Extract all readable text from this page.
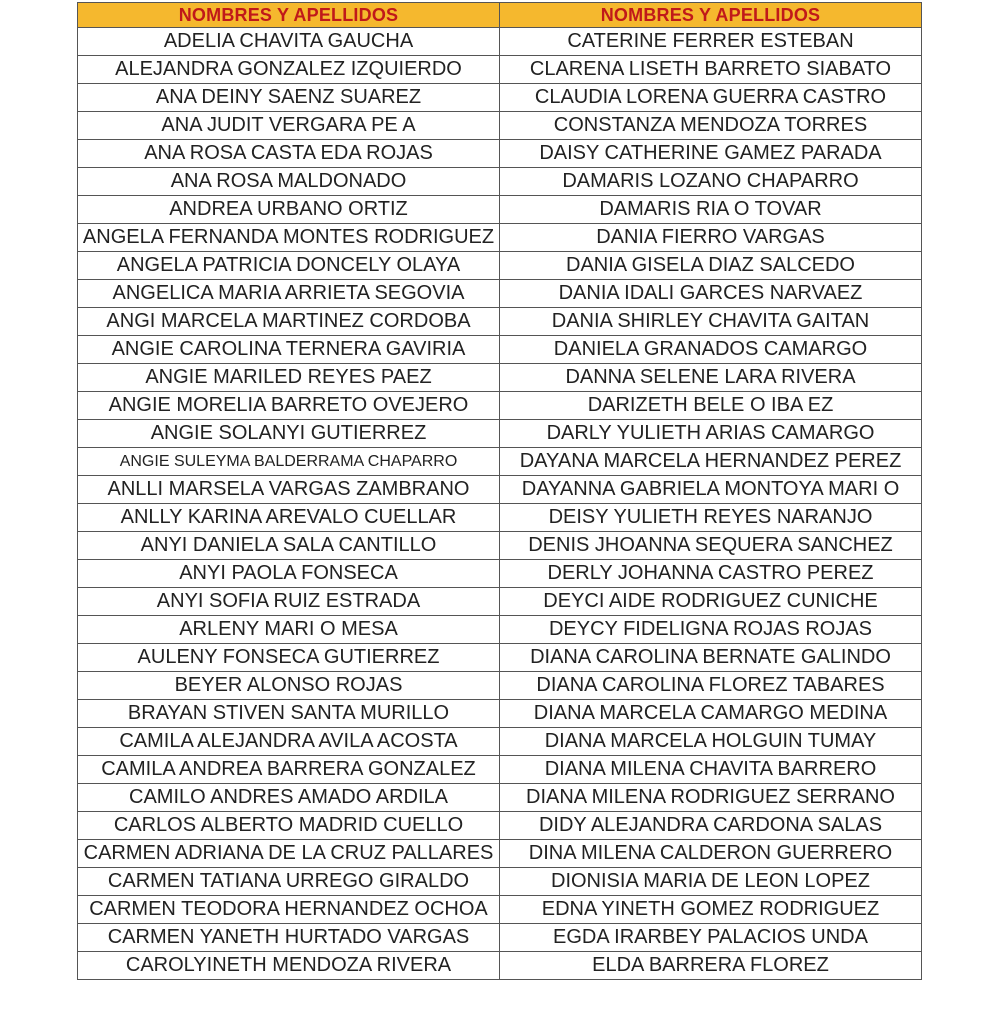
NOMBRES Y APELLIDOS	NOMBRES Y APELLIDOS
ADELIA CHAVITA GAUCHA	CATERINE FERRER ESTEBAN
ALEJANDRA GONZALEZ IZQUIERDO	CLARENA LISETH BARRETO SIABATO
ANA DEINY SAENZ SUAREZ	CLAUDIA LORENA GUERRA CASTRO
ANA JUDIT VERGARA PE A	CONSTANZA MENDOZA TORRES
ANA ROSA CASTA EDA ROJAS	DAISY CATHERINE GAMEZ PARADA
ANA ROSA MALDONADO	DAMARIS LOZANO CHAPARRO
ANDREA URBANO ORTIZ	DAMARIS RIA O TOVAR
ANGELA FERNANDA MONTES RODRIGUEZ	DANIA FIERRO VARGAS
ANGELA PATRICIA DONCELY OLAYA	DANIA GISELA DIAZ SALCEDO
ANGELICA MARIA ARRIETA SEGOVIA	DANIA IDALI GARCES NARVAEZ
ANGI MARCELA MARTINEZ CORDOBA	DANIA SHIRLEY CHAVITA GAITAN
ANGIE CAROLINA TERNERA GAVIRIA	DANIELA GRANADOS CAMARGO
ANGIE MARILED REYES PAEZ	DANNA SELENE LARA RIVERA
ANGIE MORELIA BARRETO OVEJERO	DARIZETH BELE O IBA EZ
ANGIE SOLANYI GUTIERREZ	DARLY YULIETH ARIAS CAMARGO
ANGIE SULEYMA BALDERRAMA CHAPARRO	DAYANA MARCELA HERNANDEZ PEREZ
ANLLI MARSELA VARGAS ZAMBRANO	DAYANNA GABRIELA MONTOYA MARI O
ANLLY KARINA AREVALO CUELLAR	DEISY YULIETH REYES NARANJO
ANYI DANIELA SALA CANTILLO	DENIS JHOANNA SEQUERA SANCHEZ
ANYI PAOLA FONSECA	DERLY JOHANNA CASTRO PEREZ
ANYI SOFIA RUIZ ESTRADA	DEYCI AIDE RODRIGUEZ CUNICHE
ARLENY MARI O MESA	DEYCY FIDELIGNA ROJAS ROJAS
AULENY FONSECA GUTIERREZ	DIANA CAROLINA BERNATE GALINDO
BEYER ALONSO ROJAS	DIANA CAROLINA FLOREZ TABARES
BRAYAN STIVEN SANTA MURILLO	DIANA MARCELA CAMARGO MEDINA
CAMILA ALEJANDRA AVILA ACOSTA	DIANA MARCELA HOLGUIN TUMAY
CAMILA ANDREA BARRERA GONZALEZ	DIANA MILENA CHAVITA BARRERO
CAMILO ANDRES AMADO ARDILA	DIANA MILENA RODRIGUEZ SERRANO
CARLOS ALBERTO MADRID CUELLO	DIDY ALEJANDRA CARDONA SALAS
CARMEN ADRIANA DE LA CRUZ PALLARES	DINA MILENA CALDERON GUERRERO
CARMEN TATIANA URREGO GIRALDO	DIONISIA MARIA DE LEON LOPEZ
CARMEN TEODORA HERNANDEZ OCHOA	EDNA YINETH GOMEZ RODRIGUEZ
CARMEN YANETH HURTADO VARGAS	EGDA IRARBEY PALACIOS UNDA
CAROLYINETH MENDOZA RIVERA	ELDA BARRERA FLOREZ
